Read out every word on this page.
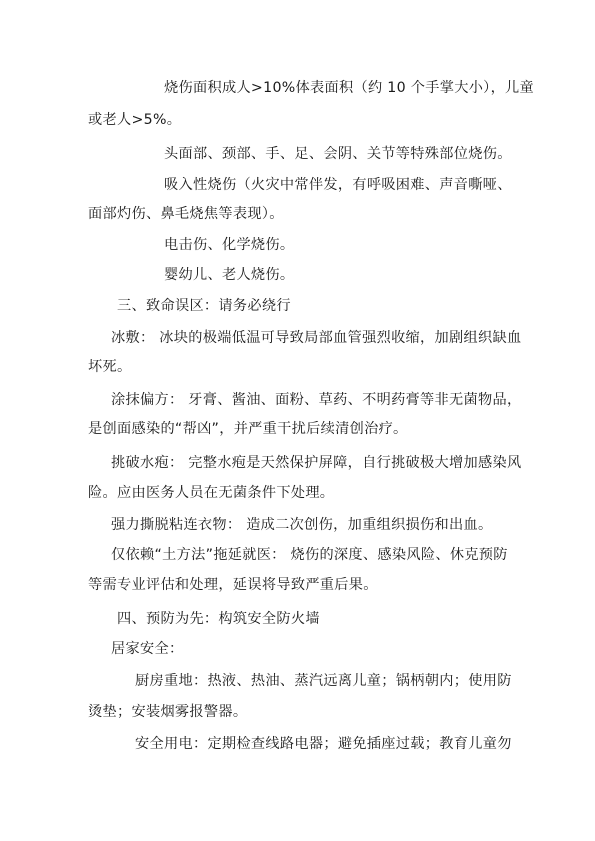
烧伤面积成人>10%体表面积（约 10 个手掌大小），儿童
或老人>5%。
头面部、颈部、手、足、会阴、关节等特殊部位烧伤。
吸入性烧伤（火灾中常伴发，有呼吸困难、声音嘶哑、
面部灼伤、鼻毛烧焦等表现）。
电击伤、化学烧伤。
婴幼儿、老人烧伤。
三、致命误区：请务必绕行
冰敷： 冰块的极端低温可导致局部血管强烈收缩，加剧组织缺血
坏死。
涂抹偏方： 牙膏、酱油、面粉、草药、不明药膏等非无菌物品，
是创面感染的“帮凶”，并严重干扰后续清创治疗。
挑破水疱： 完整水疱是天然保护屏障，自行挑破极大增加感染风
险。应由医务人员在无菌条件下处理。
强力撕脱粘连衣物： 造成二次创伤，加重组织损伤和出血。
仅依赖“土方法”拖延就医： 烧伤的深度、感染风险、休克预防
等需专业评估和处理，延误将导致严重后果。
四、预防为先：构筑安全防火墙
居家安全：
厨房重地：热液、热油、蒸汽远离儿童；锅柄朝内；使用防
烫垫；安装烟雾报警器。
安全用电：定期检查线路电器；避免插座过载；教育儿童勿
